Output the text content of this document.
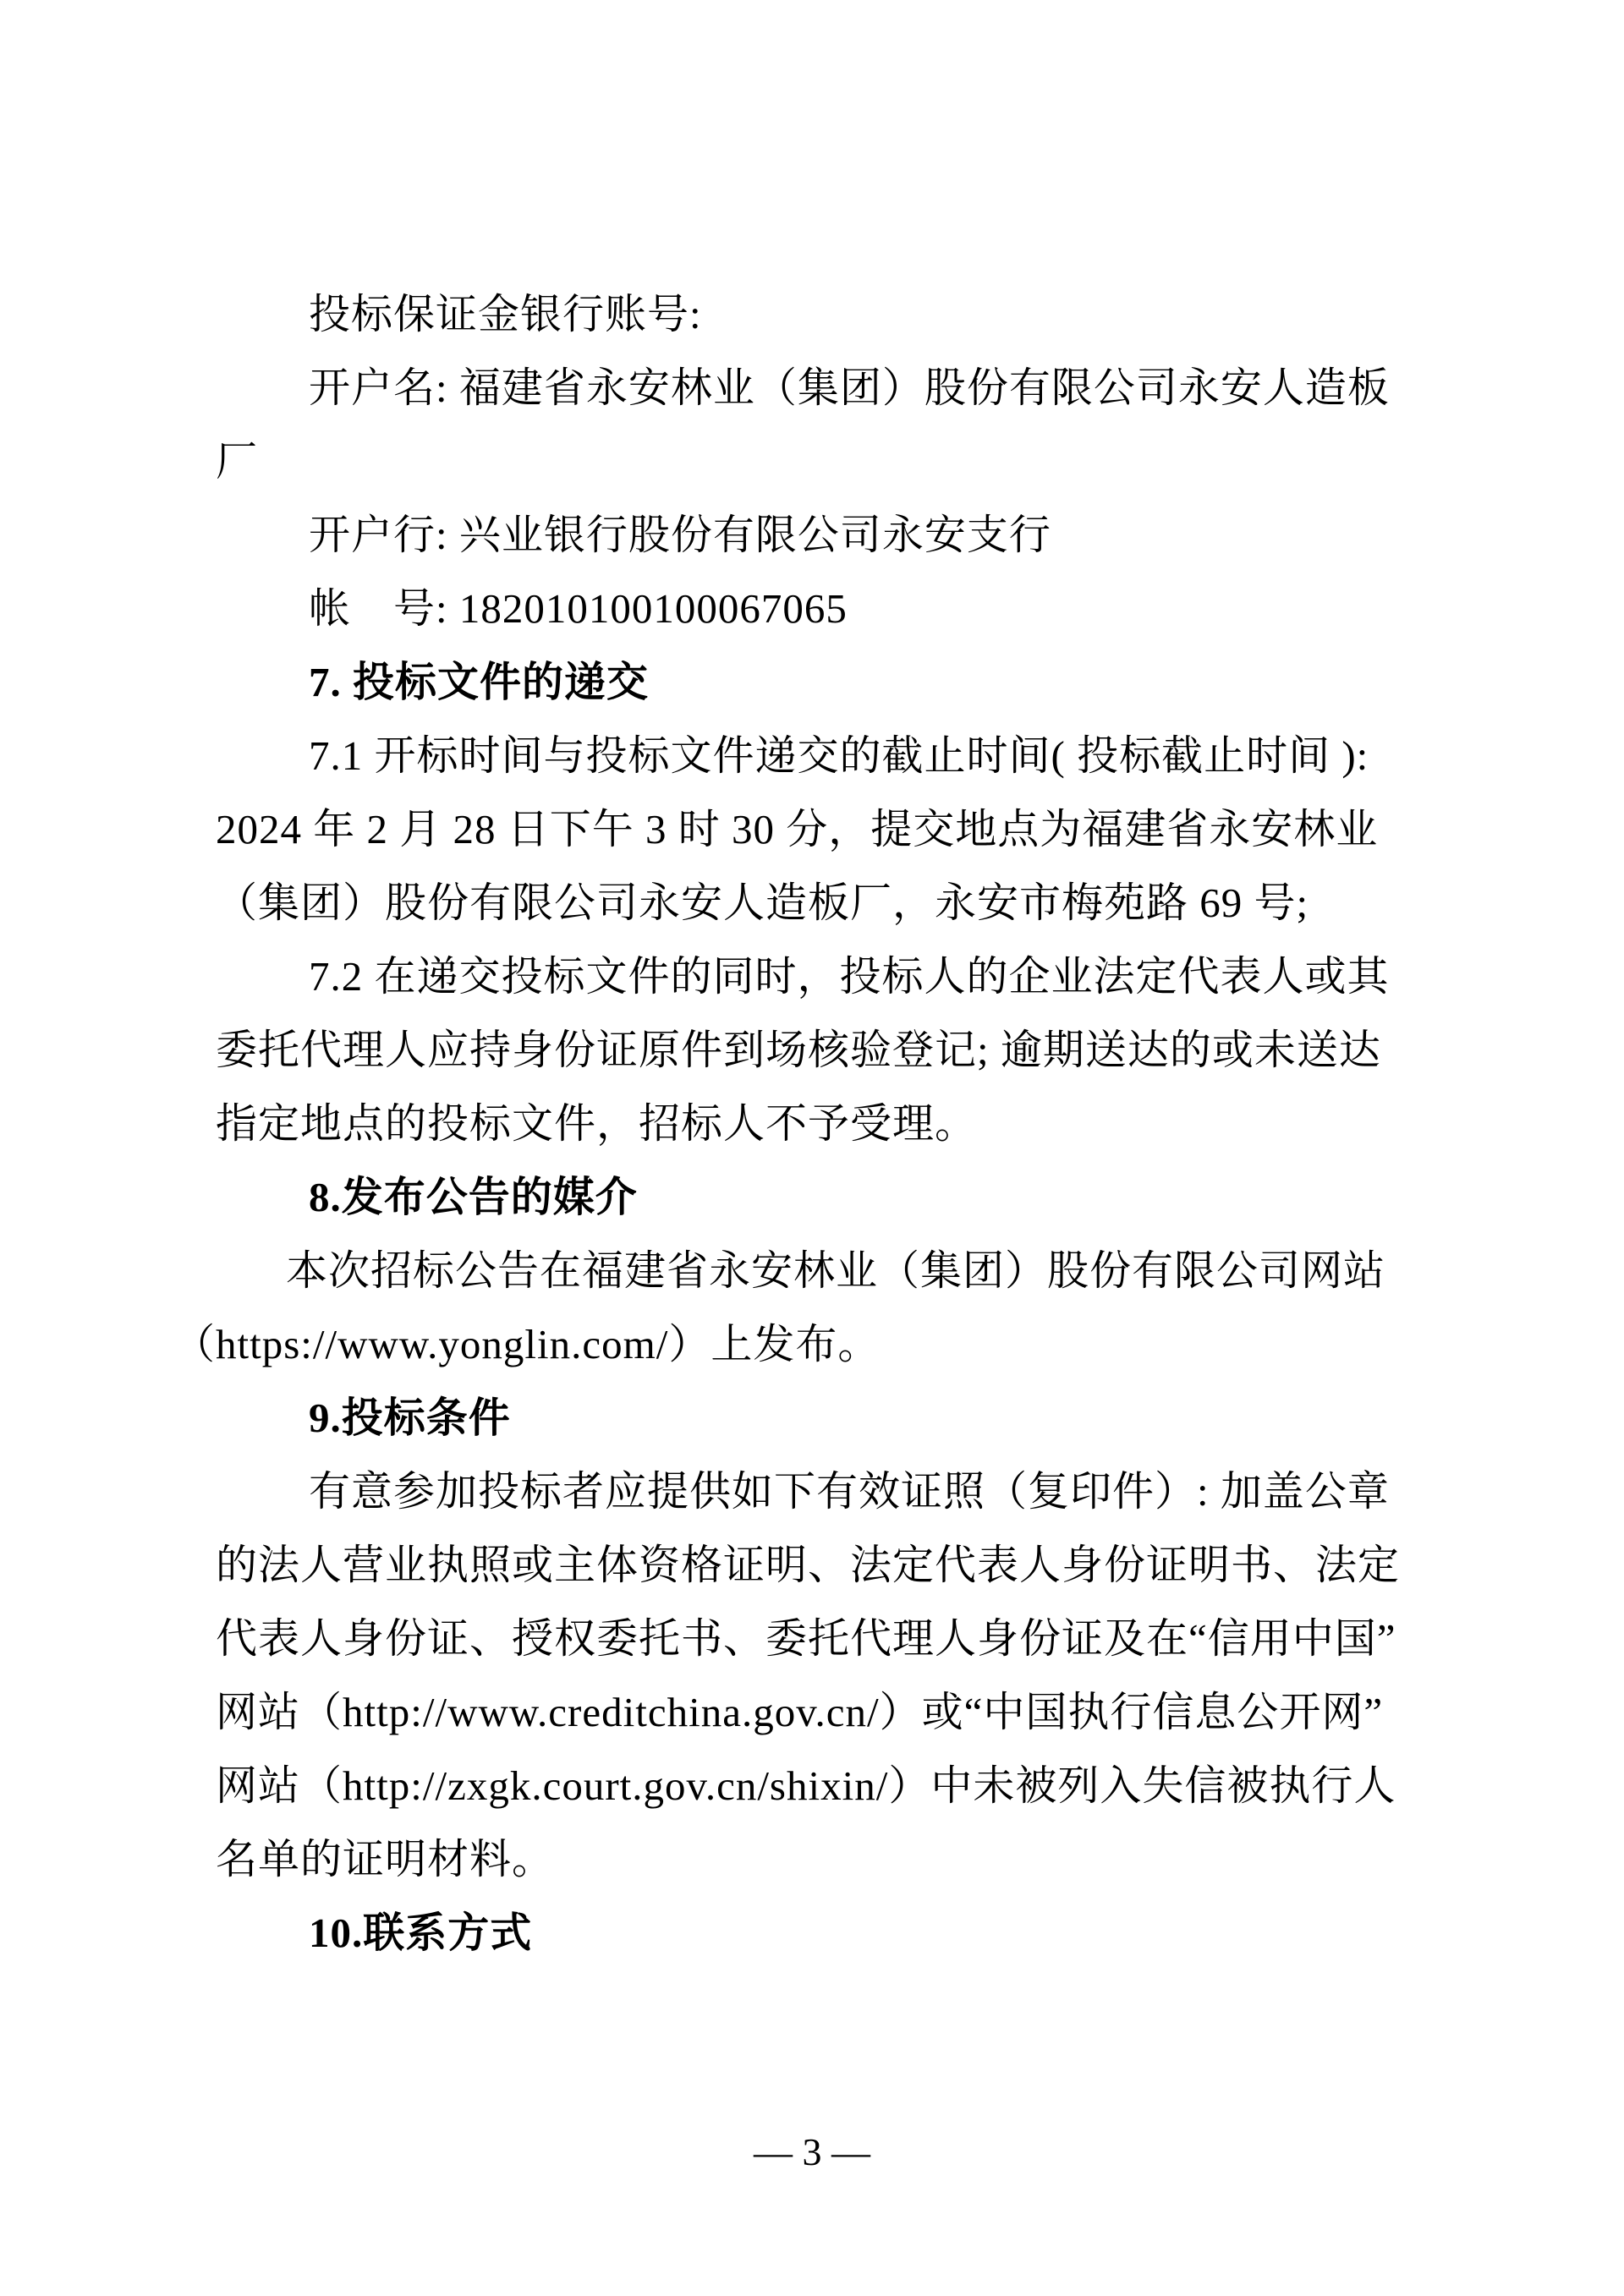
投标保证金银行账号:
开户名: 福建省永安林业（集团）股份有限公司永安人造板
厂
开户行: 兴业银行股份有限公司永安支行
帐　号: 182010100100067065
7. 投标文件的递交
7.1 开标时间与投标文件递交的截止时间( 投标截止时间 ):
2024 年 2 月 28 日下午 3 时 30 分，提交地点为福建省永安林业
（集团）股份有限公司永安人造板厂，永安市梅苑路 69 号;
7.2 在递交投标文件的同时，投标人的企业法定代表人或其
委托代理人应持身份证原件到场核验登记; 逾期送达的或未送达
指定地点的投标文件，招标人不予受理。
8.发布公告的媒介
本次招标公告在福建省永安林业（集团）股份有限公司网站
（https://www.yonglin.com/）上发布。
9.投标条件
有意参加投标者应提供如下有效证照（复印件）: 加盖公章
的法人营业执照或主体资格证明、法定代表人身份证明书、法定
代表人身份证、授权委托书、委托代理人身份证及在“信用中国”
网站（http://www.creditchina.gov.cn/）或“中国执行信息公开网”
网站（http://zxgk.court.gov.cn/shixin/）中未被列入失信被执行人
名单的证明材料。
10.联系方式
— 3 —
